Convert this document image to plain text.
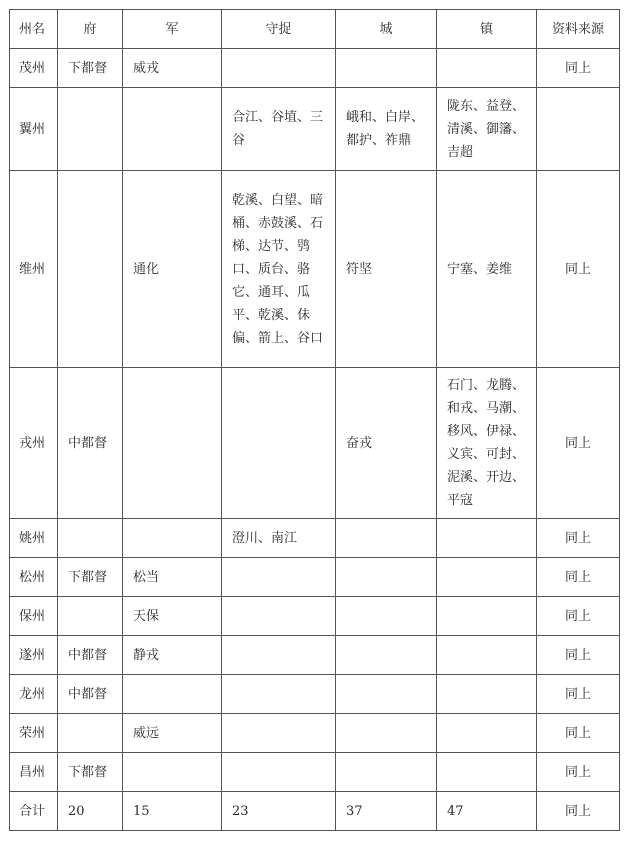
州名	府	军	守捉	城	镇	资料来源
茂州	下都督	威戎				同上
翼州			合江、谷埴、三谷	峨和、白岸、都护、祚鼎	陇东、益登、清溪、御籓、吉超	
维州		通化	乾溪、白望、暗桶、赤鼓溪、石梯、达节、鸮口、质台、骆它、通耳、瓜平、乾溪、佅偏、箭上、谷口	符坚	宁塞、姜维	同上
戎州	中都督			奋戎	石门、龙腾、和戎、马潮、移风、伊禄、义宾、可封、泥溪、开边、平寇	同上
姚州			澄川、南江			同上
松州	下都督	松当				同上
保州		天保				同上
遂州	中都督	静戎				同上
龙州	中都督					同上
荣州		威远				同上
昌州	下都督					同上
合计	20	15	23	37	47	同上
